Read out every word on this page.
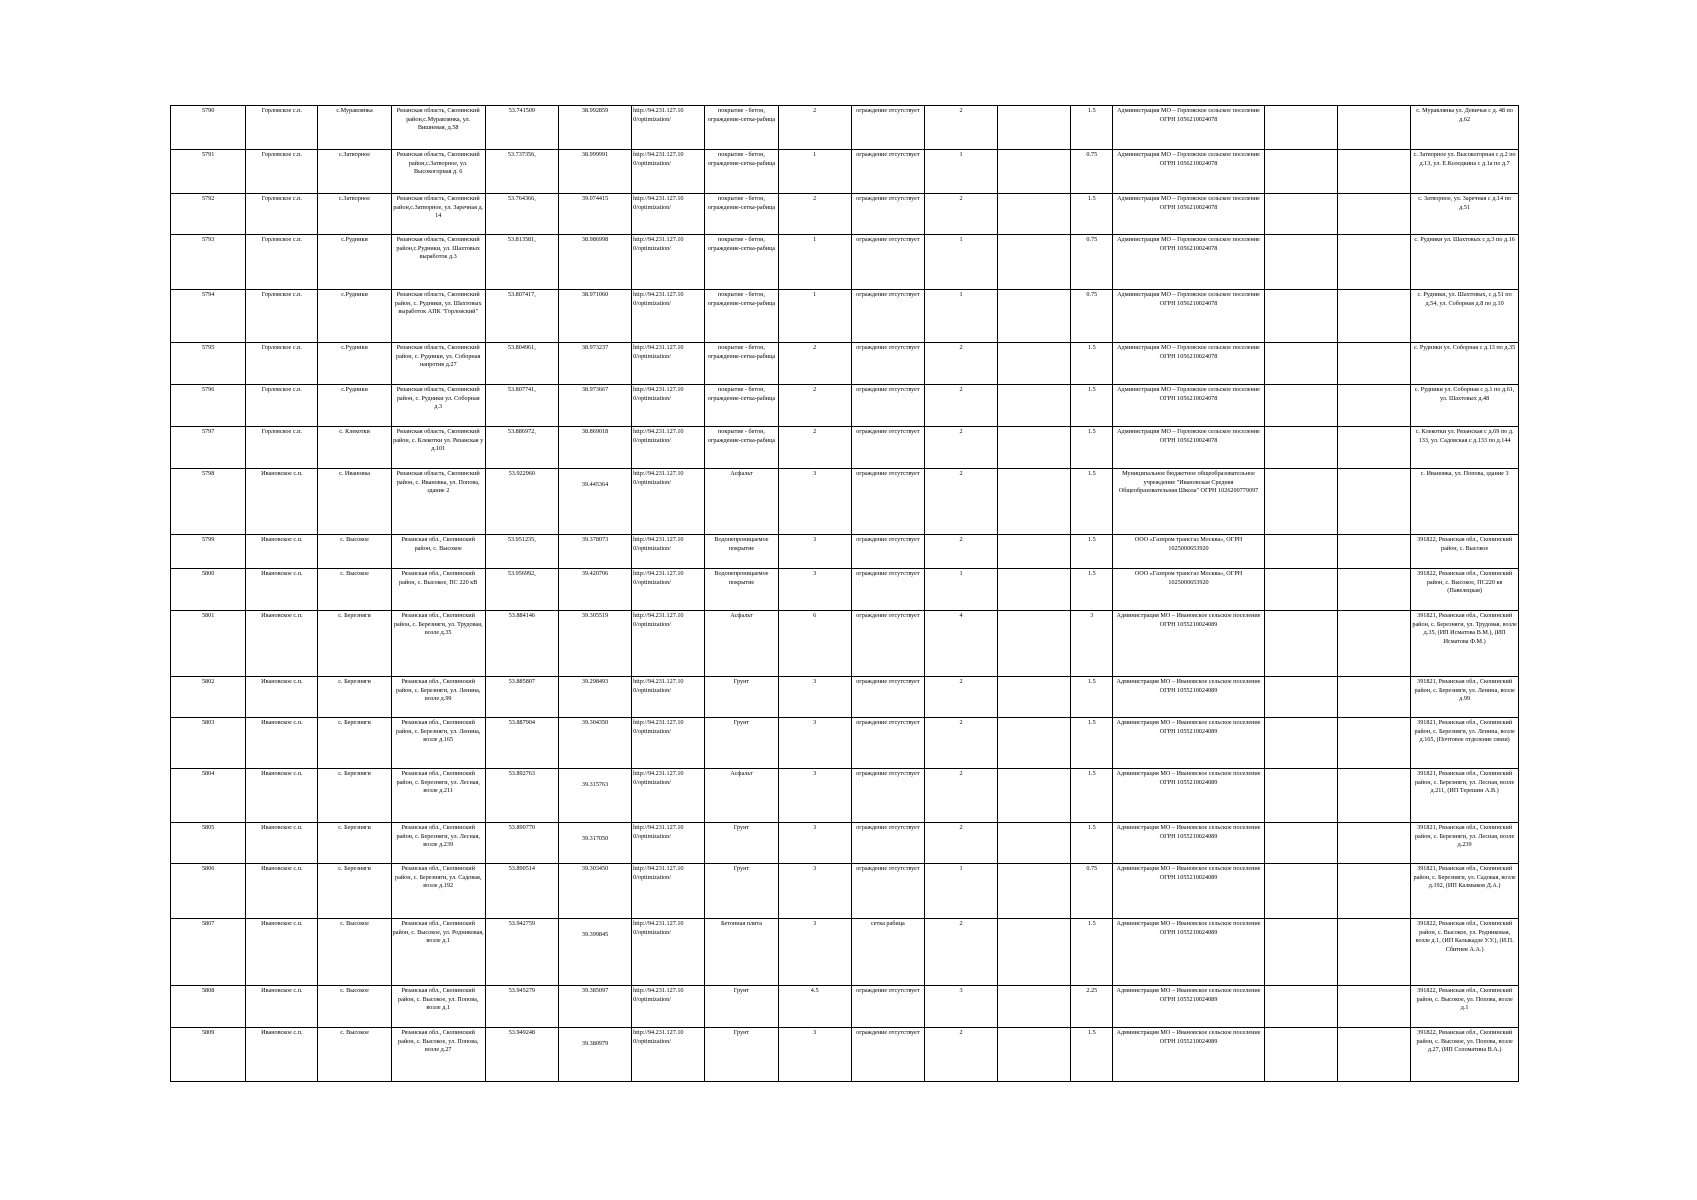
5790	Горловское с.п.	с.Муравлянка	Рязанская область, Скопинский район,с.Муравлянка, ул. Вишневая, д.58	53.741509	38.992859	http://94.231.127.10 0/optimization/	покрытие - бетон, ограждение-сетка-рабица	2	ограждение отсутствует	2		1.5	Администрация МО – Горловское сельское поселение ОГРН 1056210024078			с. Муравлянка ул. Девичья с д. 48 по д.62
5791	Горловское с.п.	с.Затворное	Рязанская область, Скопинский район,с.Затворное, ул. Высокогорная д. 6	53.737356,	38.999991	http://94.231.127.10 0/optimization/	покрытие - бетон, ограждение-сетка-рабица	1	ограждение отсутствует	1		0.75	Администрация МО – Горловское сельское поселение ОГРН 1056210024078			с. Затворное ул. Высокогорная с д.2 по д.13, ул. Е.Колодкина с д.1а по д.7
5792	Горловское с.п.	с.Затворное	Рязанская область, Скопинский район,с.Затворное, ул. Заречная д. 14	53.764366,	39.074415	http://94.231.127.10 0/optimization/	покрытие - бетон, ограждение-сетка-рабица	2	ограждение отсутствует	2		1.5	Администрация МО – Горловское сельское поселение ОГРН 1056210024078			с. Затворное, ул. Заречная с д.14 по д.51
5793	Горловское с.п.	с.Рудники	Рязанская область, Скопинский район,с.Рудники, ул. Шахтовых выработок д.3	53.813581,	38.986998	http://94.231.127.10 0/optimization/	покрытие - бетон, ограждение-сетка-рабица	1	ограждение отсутствует	1		0.75	Администрация МО – Горловское сельское поселение ОГРН 1056210024078			с. Рудники ул. Шахтовых с д.3 по д.16
5794	Горловское с.п.	с.Рудники	Рязанская область, Скопинский район, с. Рудники, ул. Шахтовых выработок АПК "Горловский"	53.807417,	38.971060	http://94.231.127.10 0/optimization/	покрытие - бетон, ограждение-сетка-рабица	1	ограждение отсутствует	1		0.75	Администрация МО – Горловское сельское поселение ОГРН 1056210024078			с. Рудники, ул. Шахтовых, с д.51 по д.54, ул. Соборная д.8 по д.10
5795	Горловское с.п.	с.Рудники	Рязанская область, Скопинский район, с. Рудники, ул. Соборная напротив д.27	53.804961,	38.973237	http://94.231.127.10 0/optimization/	покрытие - бетон, ограждение-сетка-рабица	2	ограждение отсутствует	2		1.5	Администрация МО – Горловское сельское поселение ОГРН 1056210024078			с. Рудники ул. Соборная с д.13 по д.35
5796	Горловское с.п.	с.Рудники	Рязанская область, Скопинский район, с. Рудники ул. Соборная д.3	53.807741,	38.973667	http://94.231.127.10 0/optimization/	покрытие - бетон, ограждение-сетка-рабица	2	ограждение отсутствует	2		1.5	Администрация МО – Горловское сельское поселение ОГРН 1056210024078			с. Рудники ул. Соборная с д.1 по д.61, ул. Шахтовых д.48
5797	Горловское с.п.	с. Клекотки	Рязанская область, Скопинский район, с. Клекотки ул. Рязанская у д.101	53.886972,	38.869018	http://94.231.127.10 0/optimization/	покрытие - бетон, ограждение-сетка-рабица	2	ограждение отсутствует	2		1.5	Администрация МО – Горловское сельское поселение ОГРН 1056210024078			с. Клекотки ул. Рязанская с д.69 по д. 133, ул. Садовская с д.133 по д.144
5798	Ивановское с.п.	с. Ивановка	Рязанская область, Скопинский район, с. Ивановка, ул. Попова, здание 2	53.922960	39.445364	http://94.231.127.10 0/optimization/	Асфальт	3	ограждение отсутствует	2		1.5	Муниципальное бюджетное общеобразовательное учреждение "Ивановская Средняя Общеобразовательная Школа" ОГРН 1026200779097			с. Ивановка, ул. Попова, здание 3
5799	Ивановское с.п.	с. Высокое	Рязанская обл., Скопинский район, с. Высокое	53.951235,	39.378073	http://94.231.127.10 0/optimization/	Водонепроницаемое покрытие	3	ограждение отсутствует	2		1.5	ООО «Газпром трансгаз Москва», ОГРН 1025000653920			391822, Рязанская обл., Скопинский район, с. Высокое
5800	Ивановское с.п.	с. Высокое	Рязанская обл., Скопинский район, с. Высокое, ПС 220 кВ	53.956992,	39.420706	http://94.231.127.10 0/optimization/	Водонепроницаемое покрытие	3	ограждение отсутствует	1		1.5	ООО «Газпром трансгаз Москва», ОГРН 1025000653920			391822, Рязанская обл., Скопинский район, с. Высокое, ПС220 кв (Павелецкая)
5801	Ивановское с.п.	с. Березняги	Рязанская обл., Скопинский район, с. Березняги, ул. Трудовая, возле д.35	53.884146	39.305519	http://94.231.127.10 0/optimization/	Асфальт	6	ограждение отсутствует	4		3	Администрация МО – Ивановское сельское поселение ОГРН 1055210024089			391821, Рязанская обл., Скопинский район, с. Березняги, ул. Трудовая, возле д.35, (ИП Исматова В.М.), (ИП Исматова Ф.М.)
5802	Ивановское с.п.	с. Березняги	Рязанская обл., Скопинский район, с. Березняги, ул. Ленина, возле д.99	53.885807	39.298493	http://94.231.127.10 0/optimization/	Грунт	3	ограждение отсутствует	2		1.5	Администрация МО – Ивановское сельское поселение ОГРН 1055210024089			391821, Рязанская обл., Скопинский район, с. Березняги, ул. Ленина, возле д.99
5803	Ивановское с.п.	с. Березняги	Рязанская обл., Скопинский район, с. Березняги, ул. Ленина, возле д.165	53.887904	39.304350	http://94.231.127.10 0/optimization/	Грунт	3	ограждение отсутствует	2		1.5	Администрация МО – Ивановское сельское поселение ОГРН 1055210024089			391821, Рязанская обл., Скопинский район, с. Березняги, ул. Ленина, возле д.165, (Почтовое отделение связи)
5804	Ивановское с.п.	с. Березняги	Рязанская обл., Скопинский район, с. Березняги, ул. Лесная, возле д.211	53.892763	39.315763	http://94.231.127.10 0/optimization/	Асфальт	3	ограждение отсутствует	2		1.5	Администрация МО – Ивановское сельское поселение ОГРН 1055210024089			391821, Рязанская обл., Скопинский район, с. Березняги, ул. Лесная, возле д.211, (ИП Терешин А.В.)
5805	Ивановское с.п.	с. Березняги	Рязанская обл., Скопинский район, с. Березняги, ул. Лесная, возле д.239	53.890770	39.317050	http://94.231.127.10 0/optimization/	Грунт	3	ограждение отсутствует	2		1.5	Администрация МО – Ивановское сельское поселение ОГРН 1055210024089			391821, Рязанская обл., Скопинский район, с. Березняги, ул. Лесная, возле д.239
5806	Ивановское с.п.	с. Березняги	Рязанская обл., Скопинский район, с. Березняги, ул. Садовая, возле д.192	53.890514	39.303450	http://94.231.127.10 0/optimization/	Грунт	3	ограждение отсутствует	1		0.75	Администрация МО – Ивановское сельское поселение ОГРН 1055210024089			391821, Рязанская обл., Скопинский район, с. Березняги, ул. Садовая, возле д.192, (ИП Калмыков Д.А.)
5807	Ивановское с.п.	с. Высокое	Рязанская обл., Скопинский район, с. Высокое, ул. Родниковая, возле д.1	53.942759	39.399845	http://94.231.127.10 0/optimization/	Бетонная плита	3	сетка рабица	2		1.5	Администрация МО – Ивановское сельское поселение ОГРН 1055210024089			391822, Рязанская обл., Скопинский район, с. Высокое, ул. Родниковая, возле д.1, (ИП Калыкадзе У.У.), (И.П. Сбитнев А.А.)
5808	Ивановское с.п.	с. Высокое	Рязанская обл., Скопинский район, с. Высокое, ул. Попова, возле д.1	53.945279	39.385097	http://94.231.127.10 0/optimization/	Грунт	4.5	ограждение отсутствует	3		2.25	Администрация МО – Ивановское сельское поселение ОГРН 1055210024089			391822, Рязанская обл., Скопинский район, с. Высокое, ул. Попова, возле д.1
5809	Ивановское с.п.	с. Высокое	Рязанская обл., Скопинский район, с. Высокое, ул. Попова, возле д.27	53.949248	39.380979	http://94.231.127.10 0/optimization/	Грунт	3	ограждение отсутствует	2		1.5	Администрация МО – Ивановское сельское поселение ОГРН 1055210024089			391822, Рязанская обл., Скопинский район, с. Высокое, ул. Попова, возле д.27, (ИП Соломатина В.А.)
